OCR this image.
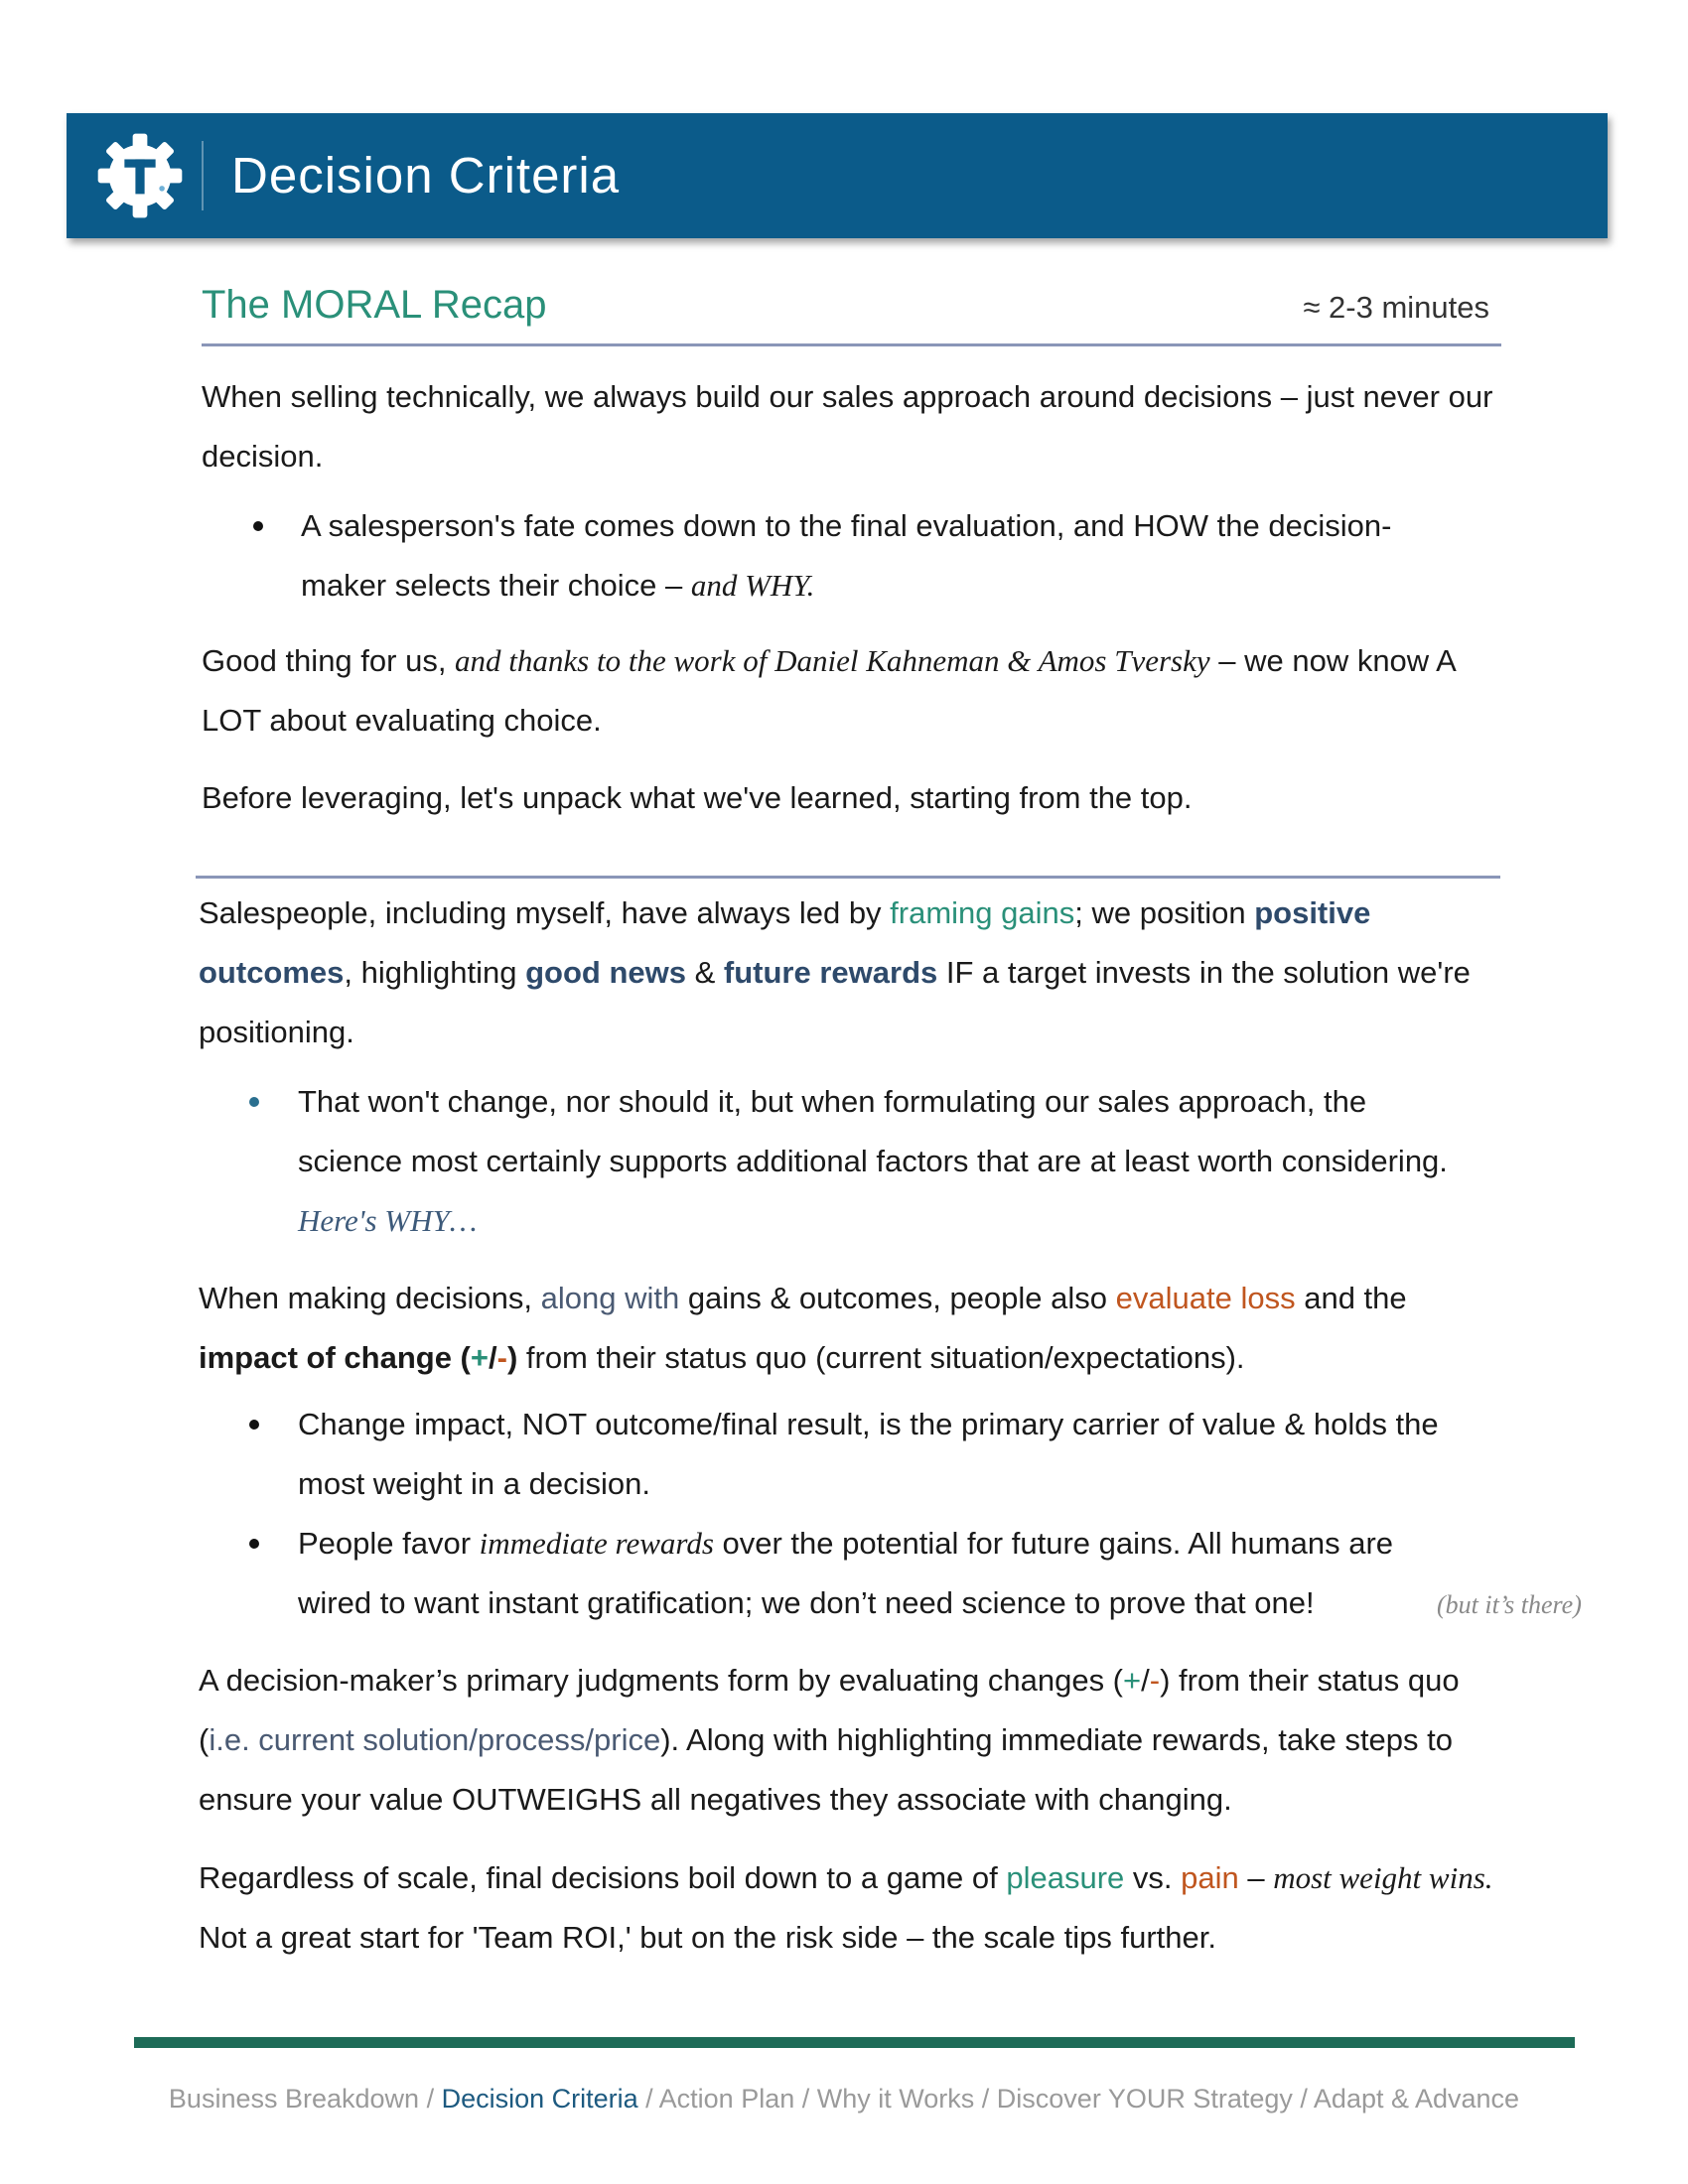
Decision Criteria
The MORAL Recap	≈ 2-3 minutes
When selling technically, we always build our sales approach around decisions – just never our decision.
A salesperson's fate comes down to the final evaluation, and HOW the decision-maker selects their choice – and WHY.
Good thing for us, and thanks to the work of Daniel Kahneman & Amos Tversky – we now know A LOT about evaluating choice.
Before leveraging, let's unpack what we've learned, starting from the top.
Salespeople, including myself, have always led by framing gains; we position positive outcomes, highlighting good news & future rewards IF a target invests in the solution we're positioning.
That won't change, nor should it, but when formulating our sales approach, the science most certainly supports additional factors that are at least worth considering. Here's WHY…
When making decisions, along with gains & outcomes, people also evaluate loss and the impact of change (+/-) from their status quo (current situation/expectations).
Change impact, NOT outcome/final result, is the primary carrier of value & holds the most weight in a decision.
People favor immediate rewards over the potential for future gains. All humans are wired to want instant gratification; we don’t need science to prove that one!	(but it’s there)
A decision-maker’s primary judgments form by evaluating changes (+/-) from their status quo (i.e. current solution/process/price). Along with highlighting immediate rewards, take steps to ensure your value OUTWEIGHS all negatives they associate with changing.
Regardless of scale, final decisions boil down to a game of pleasure vs. pain – most weight wins. Not a great start for 'Team ROI,' but on the risk side – the scale tips further.
Business Breakdown / Decision Criteria / Action Plan / Why it Works / Discover YOUR Strategy / Adapt & Advance
